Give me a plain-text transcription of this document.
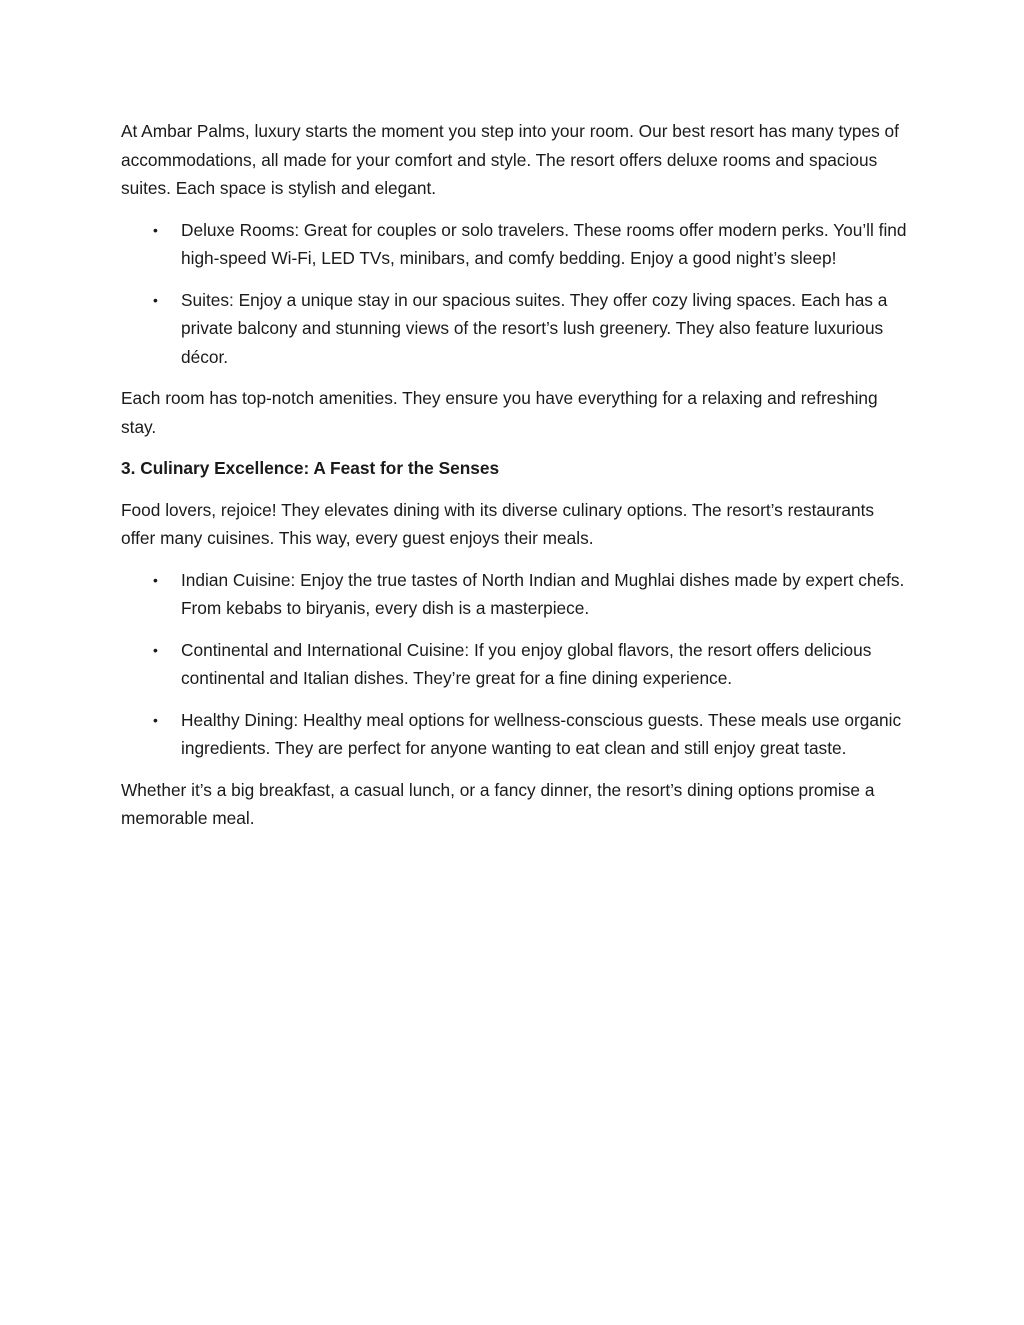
At Ambar Palms, luxury starts the moment you step into your room. Our best resort has many types of accommodations, all made for your comfort and style. The resort offers deluxe rooms and spacious suites. Each space is stylish and elegant.

• Deluxe Rooms: Great for couples or solo travelers. These rooms offer modern perks. You’ll find high-speed Wi-Fi, LED TVs, minibars, and comfy bedding. Enjoy a good night’s sleep!
• Suites: Enjoy a unique stay in our spacious suites. They offer cozy living spaces. Each has a private balcony and stunning views of the resort’s lush greenery. They also feature luxurious décor.

Each room has top-notch amenities. They ensure you have everything for a relaxing and refreshing stay.

3. Culinary Excellence: A Feast for the Senses

Food lovers, rejoice! They elevates dining with its diverse culinary options. The resort’s restaurants offer many cuisines. This way, every guest enjoys their meals.

• Indian Cuisine: Enjoy the true tastes of North Indian and Mughlai dishes made by expert chefs. From kebabs to biryanis, every dish is a masterpiece.
• Continental and International Cuisine: If you enjoy global flavors, the resort offers delicious continental and Italian dishes. They’re great for a fine dining experience.
• Healthy Dining: Healthy meal options for wellness-conscious guests. These meals use organic ingredients. They are perfect for anyone wanting to eat clean and still enjoy great taste.

Whether it’s a big breakfast, a casual lunch, or a fancy dinner, the resort’s dining options promise a memorable meal.
